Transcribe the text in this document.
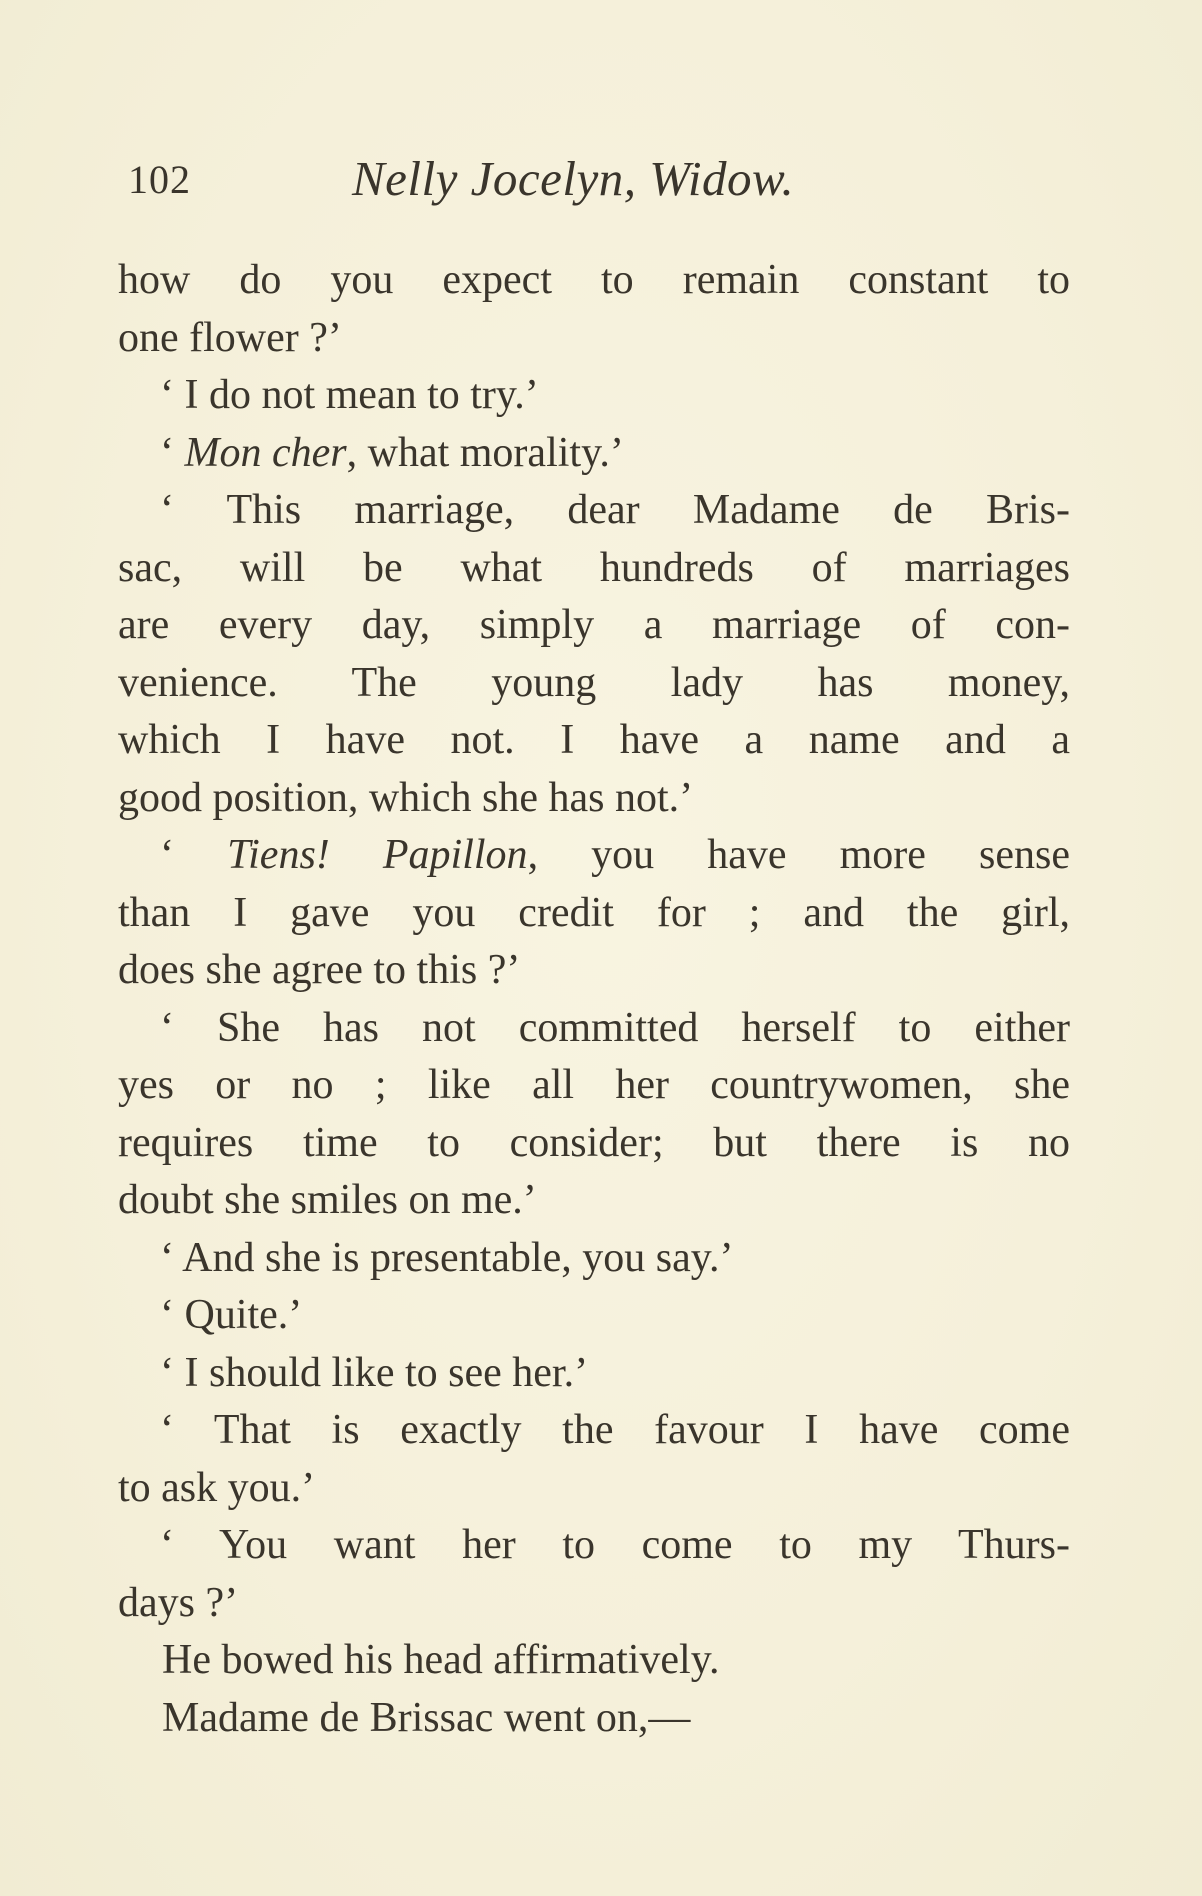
102	Nelly Jocelyn, Widow.
how do you expect to remain constant to
one flower ?’
‘ I do not mean to try.’
‘ Mon cher, what morality.’
‘ This marriage, dear Madame de Bris-
sac, will be what hundreds of marriages
are every day, simply a marriage of con-
venience. The young lady has money,
which I have not. I have a name and a
good position, which she has not.’
‘ Tiens! Papillon, you have more sense
than I gave you credit for ; and the girl,
does she agree to this ?’
‘ She has not committed herself to either
yes or no ; like all her countrywomen, she
requires time to consider; but there is no
doubt she smiles on me.’
‘ And she is presentable, you say.’
‘ Quite.’
‘ I should like to see her.’
‘ That is exactly the favour I have come
to ask you.’
‘ You want her to come to my Thurs-
days ?’
He bowed his head affirmatively.
Madame de Brissac went on,—
